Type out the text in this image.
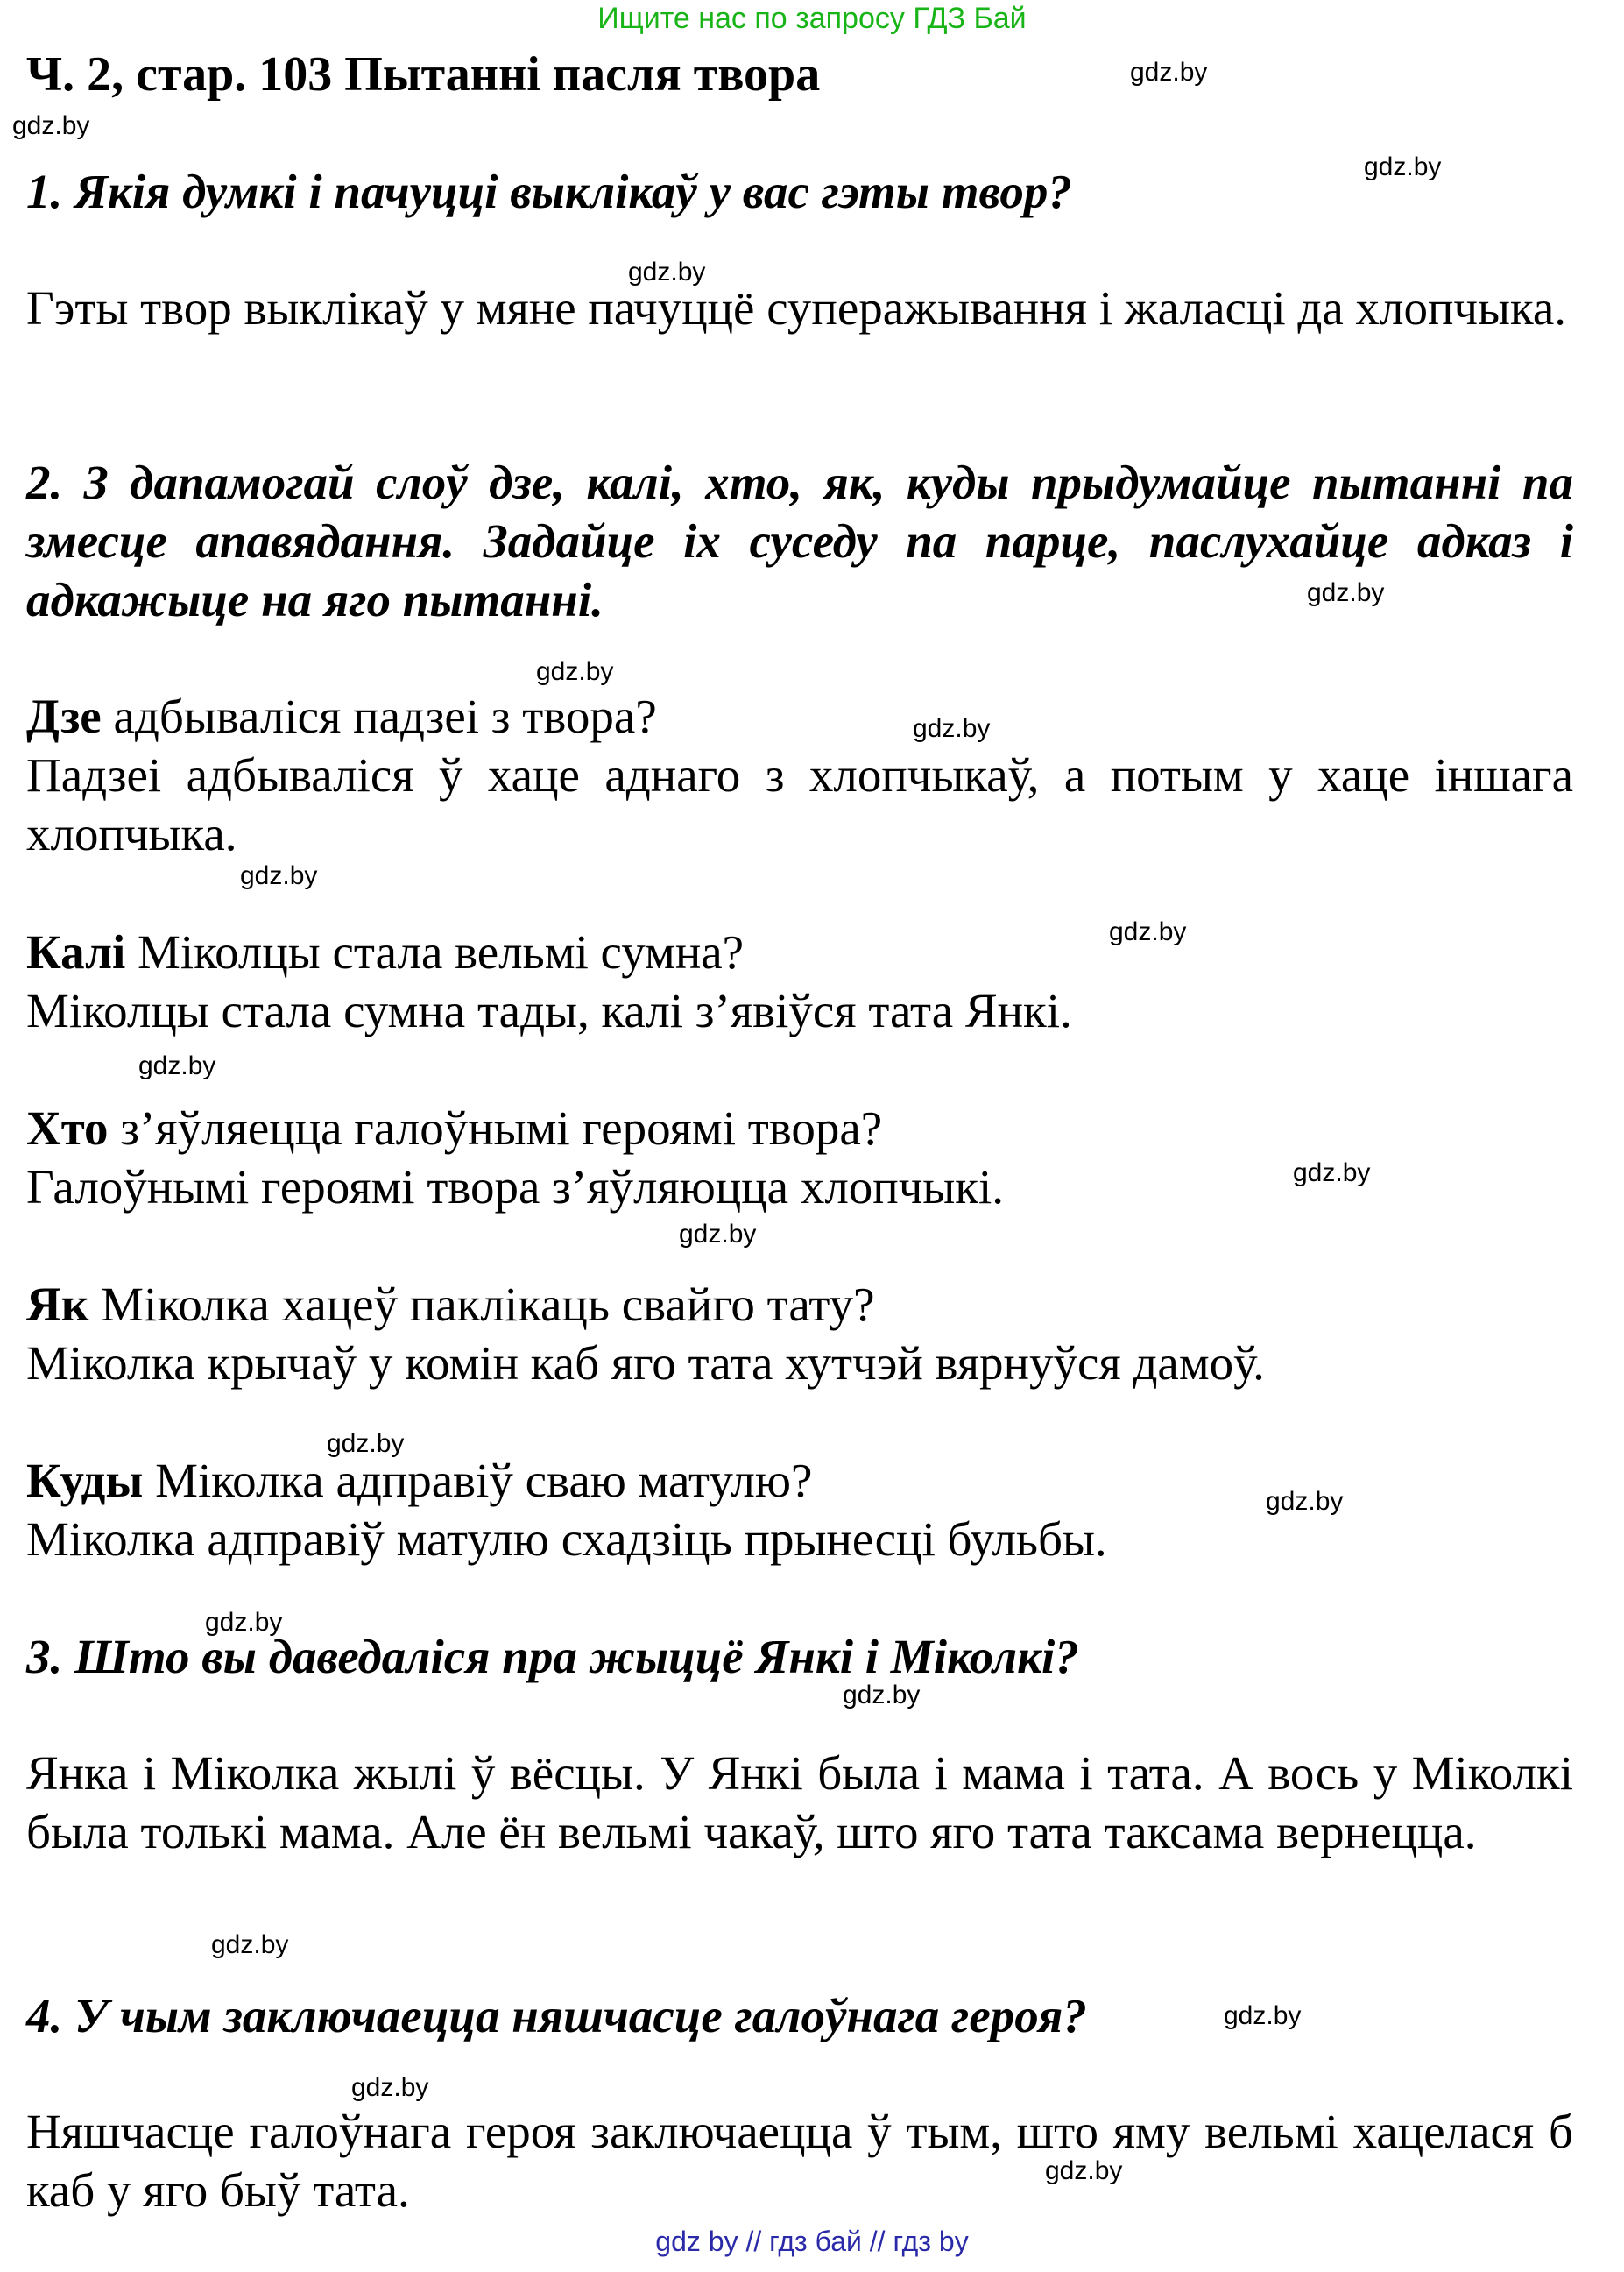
Ищите нас по запросу ГДЗ Бай
Ч. 2, стар. 103 Пытанні пасля твора
1. Якія думкі і пачуцці выклікаў у вас гэты твор?
Гэты твор выклікаў у мяне пачуццё суперажывання і жаласці да хлопчыка.
2. З дапамогай слоў дзе, калі, хто, як, куды прыдумайце пытанні па змесце апавядання. Задайце іх суседу па парце, паслухайце адказ і адкажыце на яго пытанні.
Дзе адбываліся падзеі з твора?
Падзеі адбываліся ў хаце аднаго з хлопчыкаў, а потым у хаце іншага хлопчыка.
Калі Міколцы стала вельмі сумна?
Міколцы стала сумна тады, калі з’явіўся тата Янкі.
Хто з’яўляецца галоўнымі героямі твора?
Галоўнымі героямі твора з’яўляюцца хлопчыкі.
Як Міколка хацеў паклікаць свайго тату?
Міколка крычаў у комін каб яго тата хутчэй вярнуўся дамоў.
Куды Міколка адправіў сваю матулю?
Міколка адправіў матулю схадзіць прынесці бульбы.
3. Што вы даведаліся пра жыццё Янкі і Міколкі?
Янка і Міколка жылі ў вёсцы. У Янкі была і мама і тата. А вось у Міколкі была толькі мама. Але ён вельмі чакаў, што яго тата таксама вернецца.
4. У чым заключаецца няшчасце галоўнага героя?
Няшчасце галоўнага героя заключаецца ў тым, што яму вельмі хацелася б каб у яго быў тата.
gdz.by
gdz.by
gdz.by
gdz.by
gdz.by
gdz.by
gdz.by
gdz.by
gdz.by
gdz.by
gdz.by
gdz.by
gdz.by
gdz.by
gdz.by
gdz.by
gdz.by
gdz.by
gdz.by
gdz.by
gdz by // гдз бай // гдз by
